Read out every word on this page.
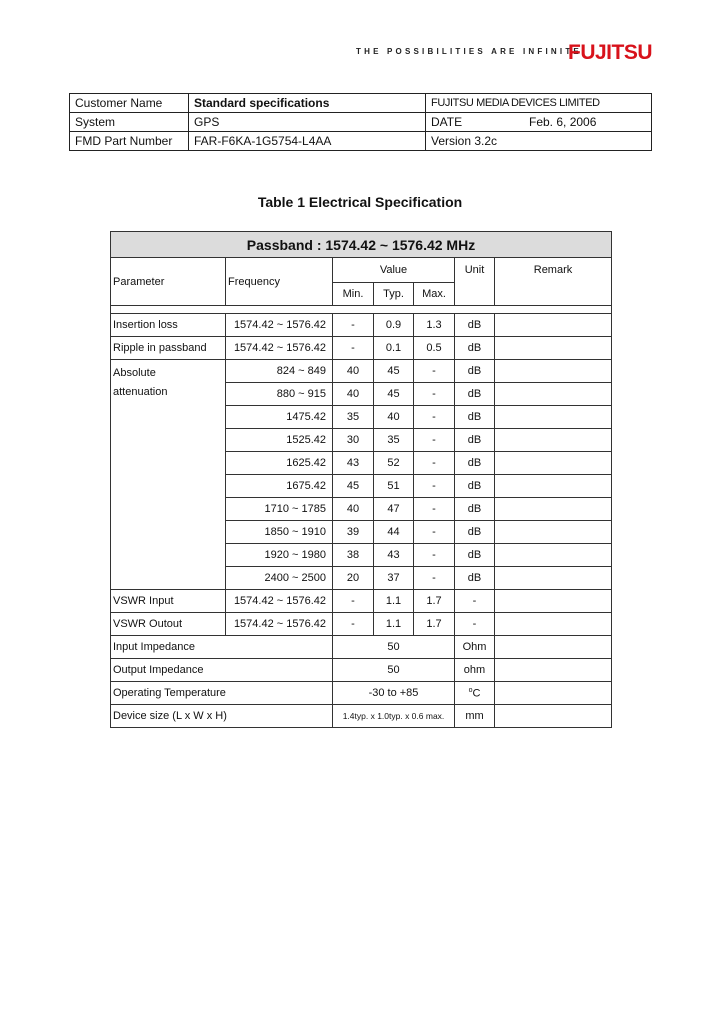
THE POSSIBILITIES ARE INFINITE
FUJITSU
Customer Name	Standard specifications	FUJITSU MEDIA DEVICES LIMITED	
System	GPS	DATE	Feb. 6, 2006
FMD Part Number	FAR-F6KA-1G5754-L4AA	Version 3.2c	
Table 1 Electrical Specification
Passband : 1574.42 ~ 1576.42 MHz						
Parameter	Frequency	Value			Unit	Remark
		Min.	Typ.	Max.		

Insertion loss	1574.42 ~ 1576.42	-	0.9	1.3	dB	
Ripple in passband	1574.42 ~ 1576.42	-	0.1	0.5	dB	
Absolute
attenuation	824 ~ 849	40	45	-	dB	
	880 ~ 915	40	45	-	dB	
	1475.42	35	40	-	dB	
	1525.42	30	35	-	dB	
	1625.42	43	52	-	dB	
	1675.42	45	51	-	dB	
	1710 ~ 1785	40	47	-	dB	
	1850 ~ 1910	39	44	-	dB	
	1920 ~ 1980	38	43	-	dB	
	2400 ~ 2500	20	37	-	dB	
VSWR Input	1574.42 ~ 1576.42	-	1.1	1.7	-	
VSWR Outout	1574.42 ~ 1576.42	-	1.1	1.7	-	
Input Impedance		50			Ohm	
Output Impedance		50			ohm	
Operating Temperature		-30 to +85			$^o$C	
Device size (L x W x H)		1.4typ. x 1.0typ. x 0.6 max.			mm	
